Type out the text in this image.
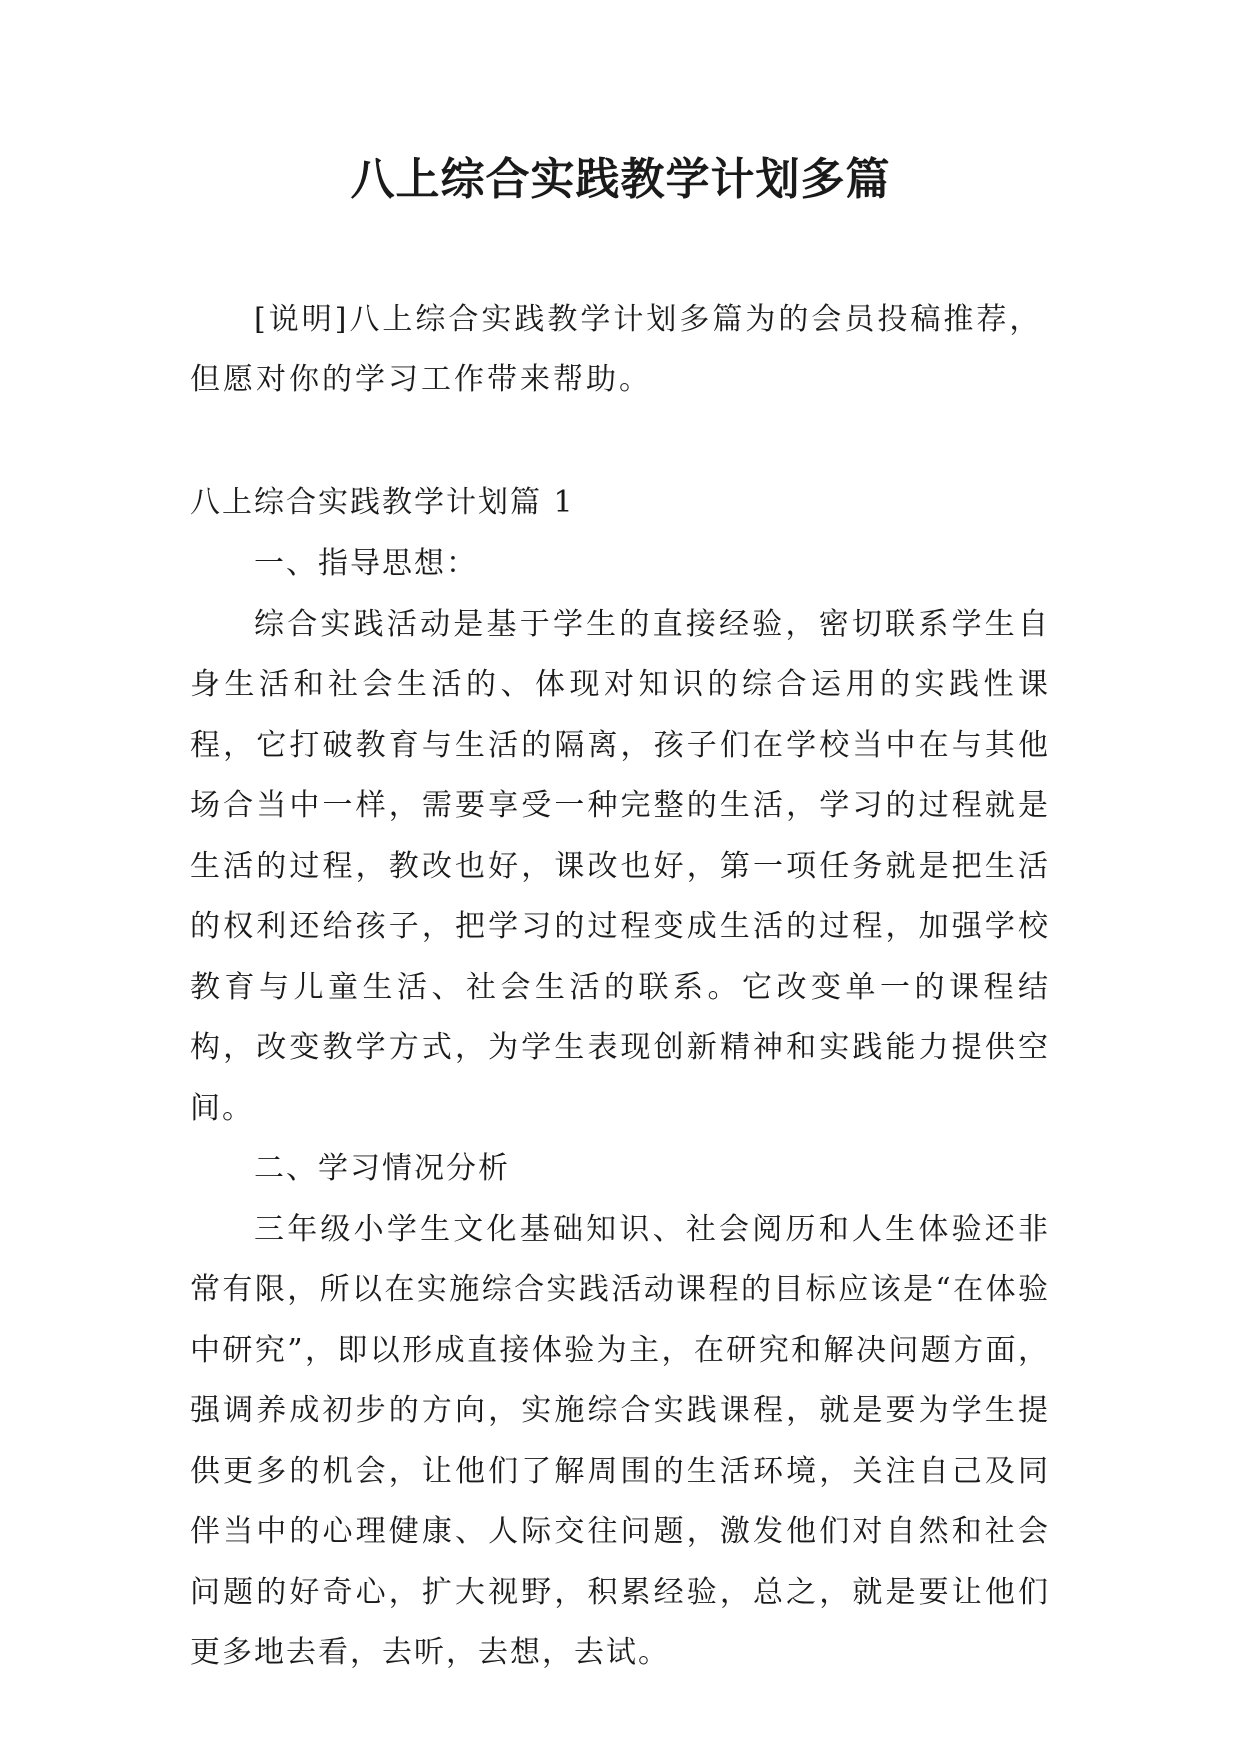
八上综合实践教学计划多篇

[说明]八上综合实践教学计划多篇为的会员投稿推荐，但愿对你的学习工作带来帮助。

八上综合实践教学计划篇 1

一、指导思想：

综合实践活动是基于学生的直接经验，密切联系学生自身生活和社会生活的、体现对知识的综合运用的实践性课程，它打破教育与生活的隔离，孩子们在学校当中在与其他场合当中一样，需要享受一种完整的生活，学习的过程就是生活的过程，教改也好，课改也好，第一项任务就是把生活的权利还给孩子，把学习的过程变成生活的过程，加强学校教育与儿童生活、社会生活的联系。它改变单一的课程结构，改变教学方式，为学生表现创新精神和实践能力提供空间。

二、学习情况分析

三年级小学生文化基础知识、社会阅历和人生体验还非常有限，所以在实施综合实践活动课程的目标应该是“在体验中研究”，即以形成直接体验为主，在研究和解决问题方面，强调养成初步的方向，实施综合实践课程，就是要为学生提供更多的机会，让他们了解周围的生活环境，关注自己及同伴当中的心理健康、人际交往问题，激发他们对自然和社会问题的好奇心，扩大视野，积累经验，总之，就是要让他们更多地去看，去听，去想，去试。
